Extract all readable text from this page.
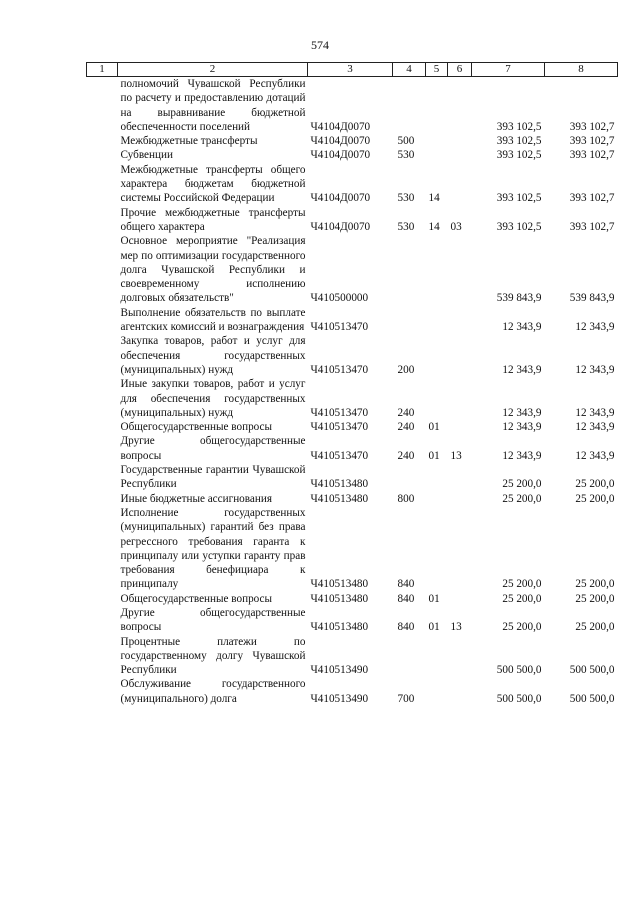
574
1	2	3	4	5	6	7	8
	полномочий Чувашской Республики по расчету и предоставлению дотаций на выравнивание бюджетной обеспеченности поселений	Ч4104Д0070				393 102,5	393 102,7
	Межбюджетные трансферты	Ч4104Д0070	500			393 102,5	393 102,7
	Субвенции	Ч4104Д0070	530			393 102,5	393 102,7
	Межбюджетные трансферты общего характера бюджетам бюджетной системы Российской Федерации	Ч4104Д0070	530	14		393 102,5	393 102,7
	Прочие межбюджетные трансферты общего характера	Ч4104Д0070	530	14	03	393 102,5	393 102,7
	Основное мероприятие "Реализация мер по оптимизации государственного долга Чувашской Республики и своевременному исполнению долговых обязательств"	Ч410500000				539 843,9	539 843,9
	Выполнение обязательств по выплате агентских комиссий и вознаграждения	Ч410513470				12 343,9	12 343,9
	Закупка товаров, работ и услуг для обеспечения государственных (муниципальных) нужд	Ч410513470	200			12 343,9	12 343,9
	Иные закупки товаров, работ и услуг для обеспечения государственных (муниципальных) нужд	Ч410513470	240			12 343,9	12 343,9
	Общегосударственные вопросы	Ч410513470	240	01		12 343,9	12 343,9
	Другие общегосударственные вопросы	Ч410513470	240	01	13	12 343,9	12 343,9
	Государственные гарантии Чувашской Республики	Ч410513480				25 200,0	25 200,0
	Иные бюджетные ассигнования	Ч410513480	800			25 200,0	25 200,0
	Исполнение государственных (муниципальных) гарантий без права регрессного требования гаранта к принципалу или уступки гаранту прав требования бенефициара к принципалу	Ч410513480	840			25 200,0	25 200,0
	Общегосударственные вопросы	Ч410513480	840	01		25 200,0	25 200,0
	Другие общегосударственные вопросы	Ч410513480	840	01	13	25 200,0	25 200,0
	Процентные платежи по государственному долгу Чувашской Республики	Ч410513490				500 500,0	500 500,0
	Обслуживание государственного (муниципального) долга	Ч410513490	700			500 500,0	500 500,0
